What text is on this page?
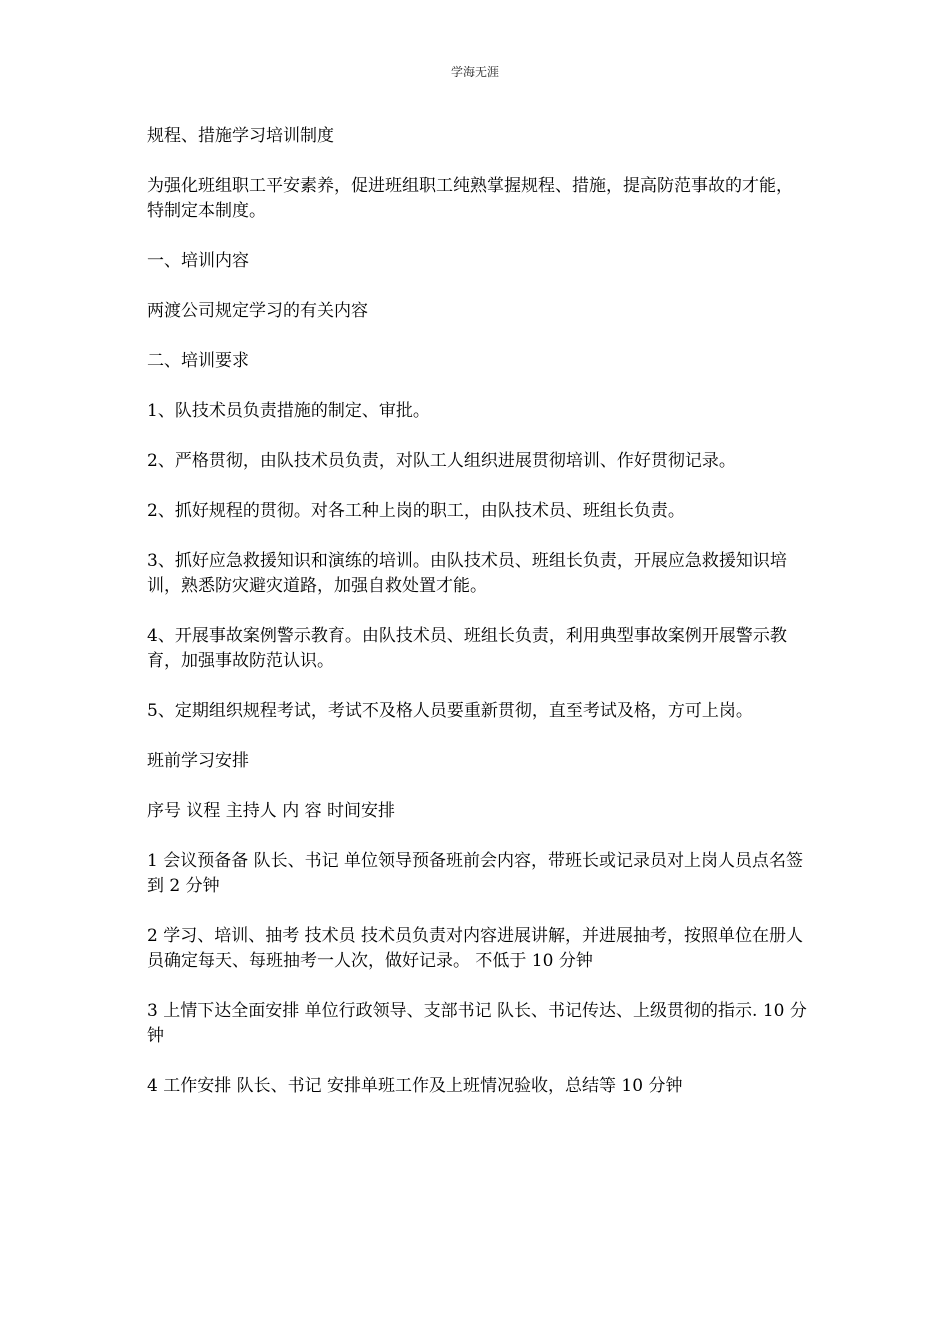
学海无涯

规程、措施学习培训制度

为强化班组职工平安素养，促进班组职工纯熟掌握规程、措施，提高防范事故的才能，特制定本制度。

一、培训内容

两渡公司规定学习的有关内容

二、培训要求

1、队技术员负责措施的制定、审批。

2、严格贯彻，由队技术员负责，对队工人组织进展贯彻培训、作好贯彻记录。

2、抓好规程的贯彻。对各工种上岗的职工，由队技术员、班组长负责。

3、抓好应急救援知识和演练的培训。由队技术员、班组长负责，开展应急救援知识培训，熟悉防灾避灾道路，加强自救处置才能。

4、开展事故案例警示教育。由队技术员、班组长负责，利用典型事故案例开展警示教育，加强事故防范认识。

5、定期组织规程考试，考试不及格人员要重新贯彻，直至考试及格，方可上岗。

班前学习安排

序号 议程 主持人 内 容 时间安排

1 会议预备备 队长、书记 单位领导预备班前会内容，带班长或记录员对上岗人员点名签到 2 分钟

2 学习、培训、抽考 技术员 技术员负责对内容进展讲解，并进展抽考，按照单位在册人员确定每天、每班抽考一人次，做好记录。 不低于 10 分钟

3 上情下达全面安排 单位行政领导、支部书记 队长、书记传达、上级贯彻的指示. 10 分钟

4 工作安排 队长、书记 安排单班工作及上班情况验收，总结等 10 分钟
